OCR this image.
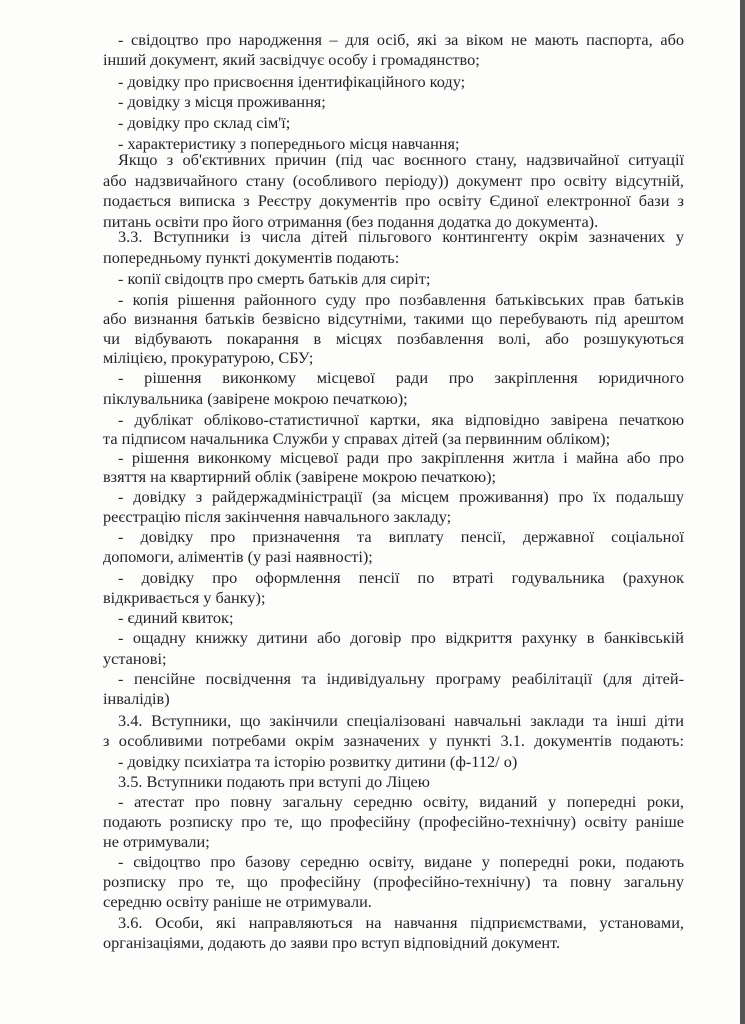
- свідоцтво про народження – для осіб, які за віком не мають паспорта, або

інший документ, який засвідчує особу і громадянство;

- довідку про присвоєння ідентифікаційного коду;

- довідку з місця проживання;

- довідку про склад сім'ї;

- характеристику з попереднього місця навчання;

Якщо з об'єктивних причин (під час воєнного стану, надзвичайної ситуації

або надзвичайного стану (особливого періоду)) документ про освіту відсутній,

подається виписка з Реєстру документів про освіту Єдиної електронної бази з

питань освіти про його отримання (без подання додатка до документа).

3.3. Вступники із числа дітей пільгового контингенту окрім зазначених у

попередньому пункті документів подають:

- копії свідоцтв про смерть батьків для сиріт;

- копія рішення районного суду про позбавлення батьківських прав батьків

або визнання батьків безвісно відсутніми, такими що перебувають під арештом

чи відбувають покарання в місцях позбавлення волі, або розшукуються

міліцією, прокуратурою, СБУ;

- рішення виконкому місцевої ради про закріплення юридичного

піклувальника (завірене мокрою печаткою);

- дублікат обліково-статистичної картки, яка відповідно завірена печаткою

та підписом начальника Служби у справах дітей (за первинним обліком);

- рішення виконкому місцевої ради про закріплення житла і майна або про

взяття на квартирний облік (завірене мокрою печаткою);

- довідку з райдержадміністрації (за місцем проживання) про їх подальшу

реєстрацію після закінчення навчального закладу;

- довідку про призначення та виплату пенсії, державної соціальної

допомоги, аліментів (у разі наявності);

- довідку про оформлення пенсії по втраті годувальника (рахунок

відкривається у банку);

- єдиний квиток;

- ощадну книжку дитини або договір про відкриття рахунку в банківській

установі;

- пенсійне посвідчення та індивідуальну програму реабілітації (для дітей-

інвалідів)

3.4. Вступники, що закінчили спеціалізовані навчальні заклади та інші діти

з особливими потребами окрім зазначених у пункті 3.1. документів подають:

- довідку психіатра та історію розвитку дитини (ф-112/ о)

3.5. Вступники подають при вступі до Ліцею

- атестат про повну загальну середню освіту, виданий у попередні роки,

подають розписку про те, що професійну (професійно-технічну) освіту раніше

не отримували;

- свідоцтво про базову середню освіту, видане у попередні роки, подають

розписку про те, що професійну (професійно-технічну) та повну загальну

середню освіту раніше не отримували.

3.6. Особи, які направляються на навчання підприємствами, установами,

організаціями, додають до заяви про вступ відповідний документ.
